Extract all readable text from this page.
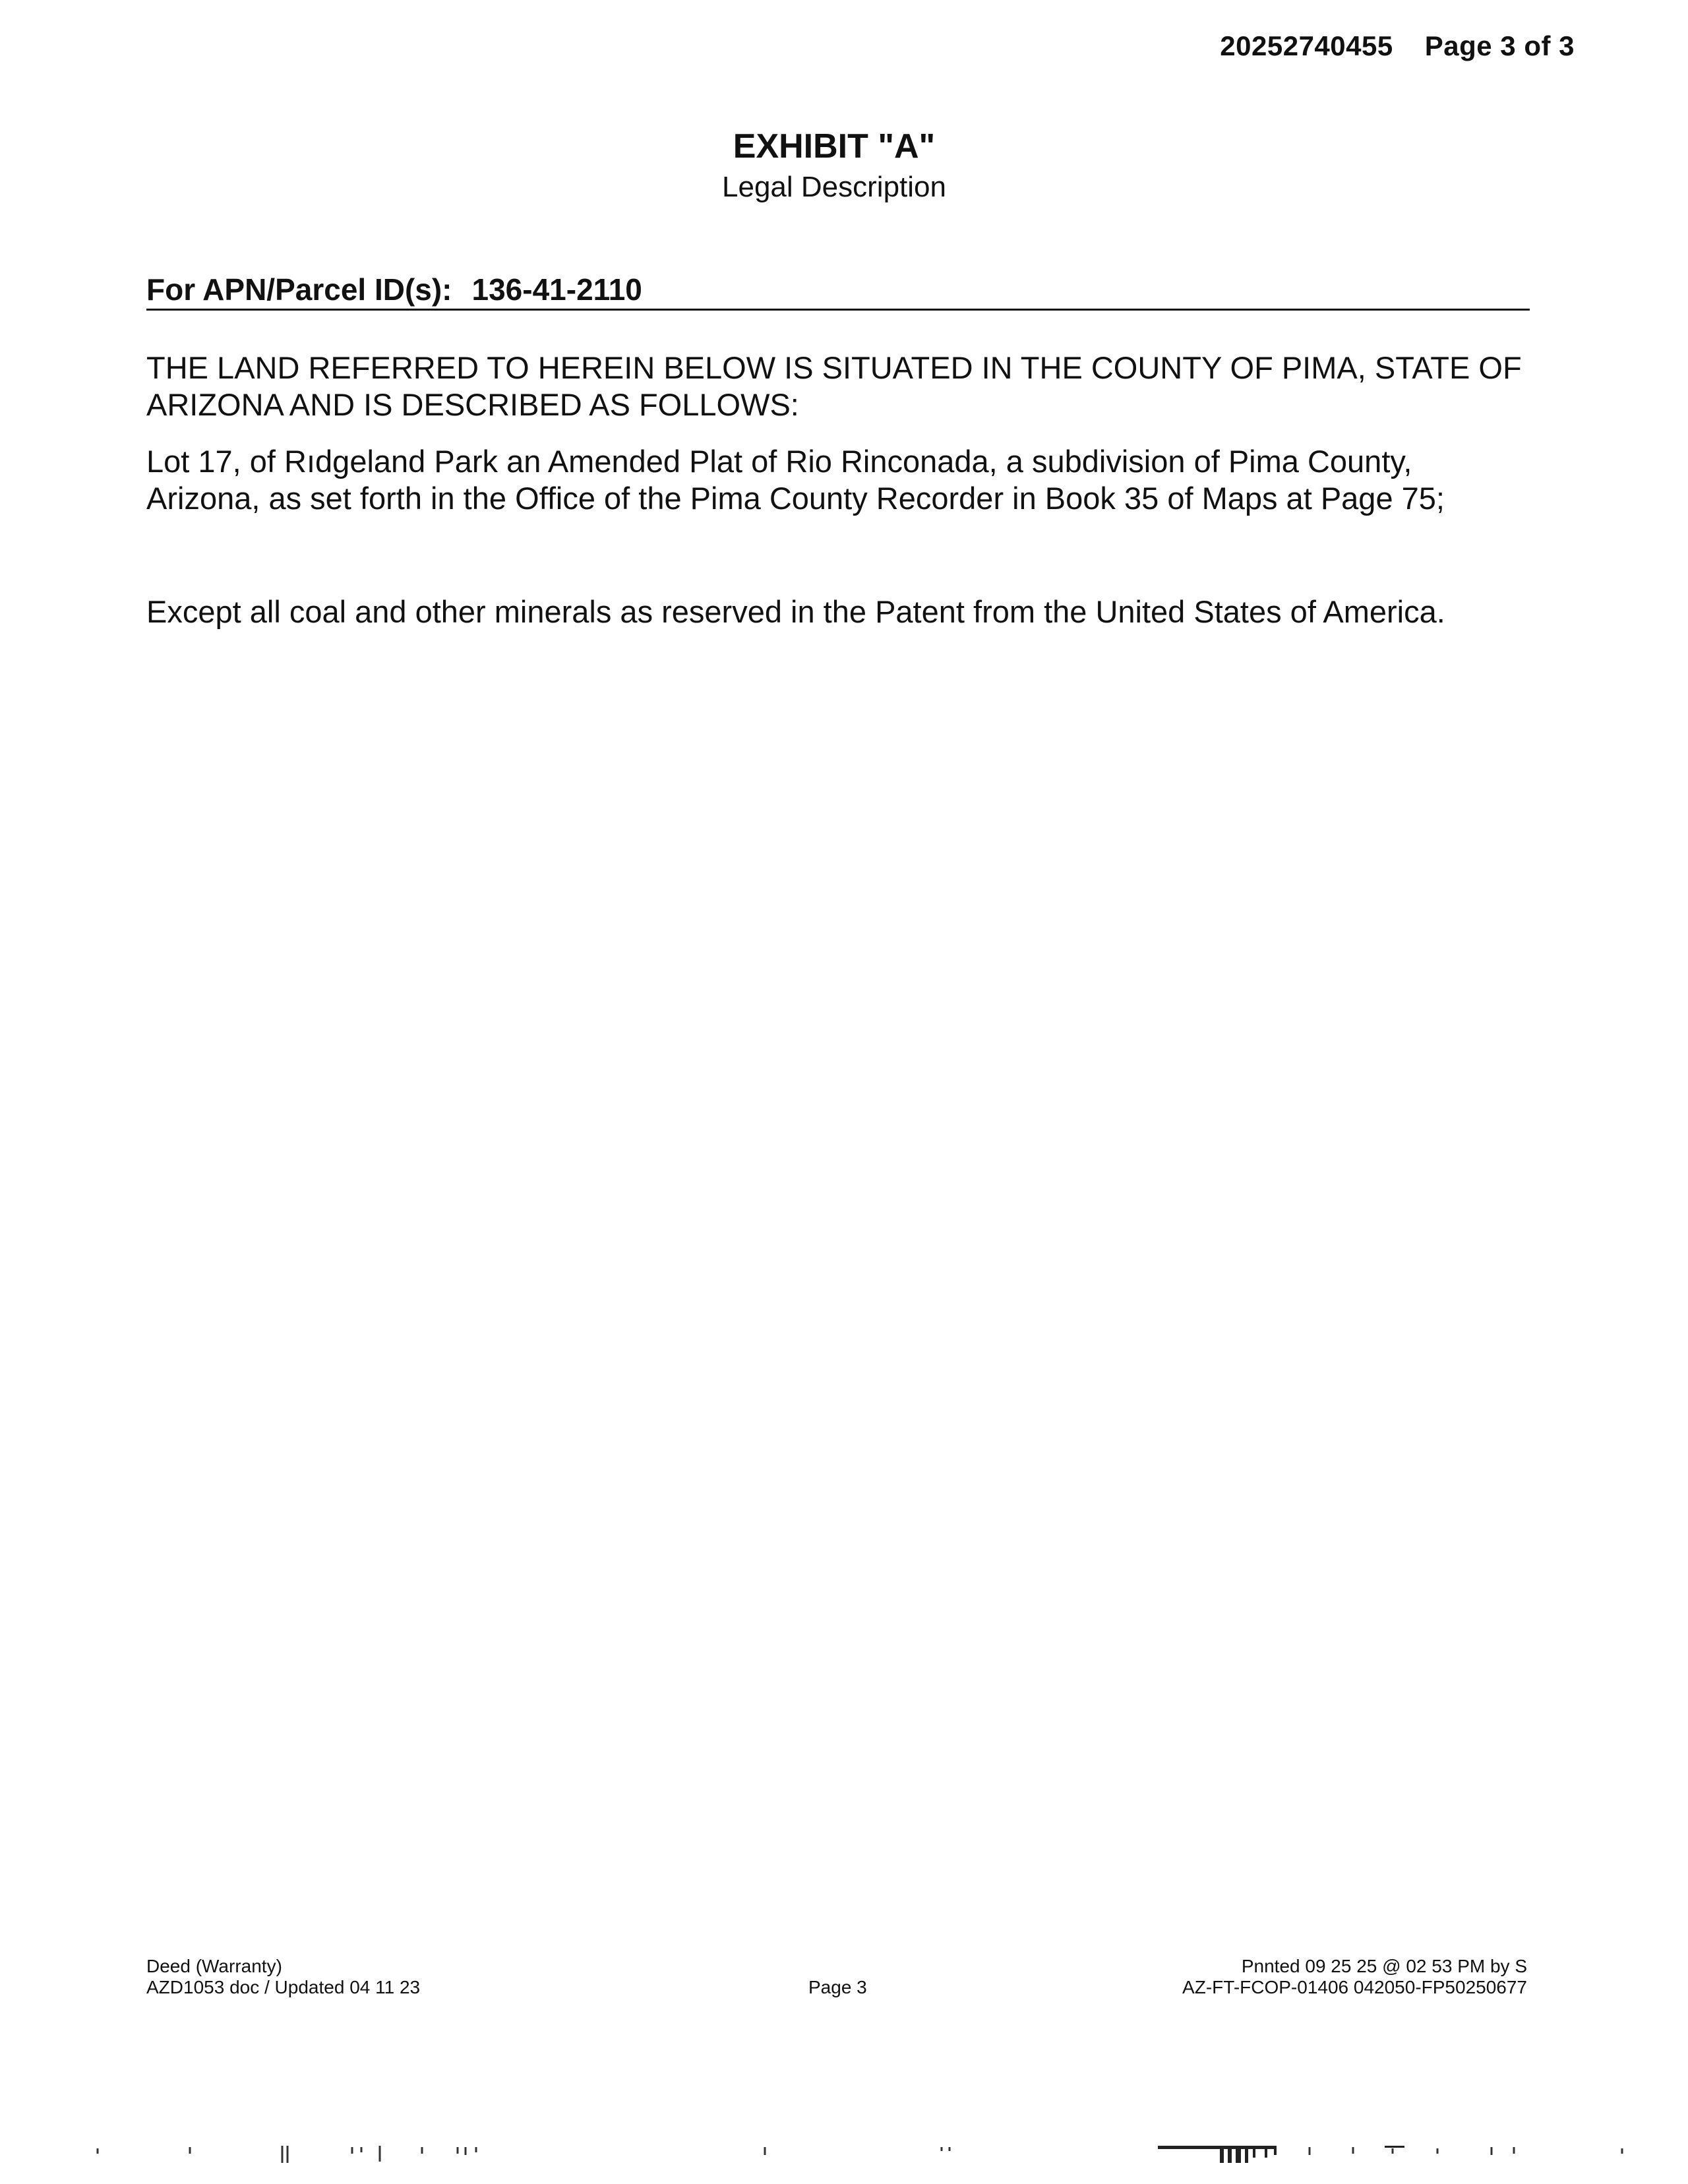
20252740455 Page 3 of 3
EXHIBIT "A"
Legal Description
For APN/Parcel ID(s): 136-41-2110
THE LAND REFERRED TO HEREIN BELOW IS SITUATED IN THE COUNTY OF PIMA, STATE OF ARIZONA AND IS DESCRIBED AS FOLLOWS:
Lot 17, of Rıdgeland Park an Amended Plat of Rio Rinconada, a subdivision of Pima County, Arizona, as set forth in the Office of the Pima County Recorder in Book 35 of Maps at Page 75;
Except all coal and other minerals as reserved in the Patent from the United States of America.
Deed (Warranty)
AZD1053 doc / Updated 04 11 23	Page 3
Pnnted 09 25 25 @ 02 53 PM by S
AZ-FT-FCOP-01406 042050-FP50250677
